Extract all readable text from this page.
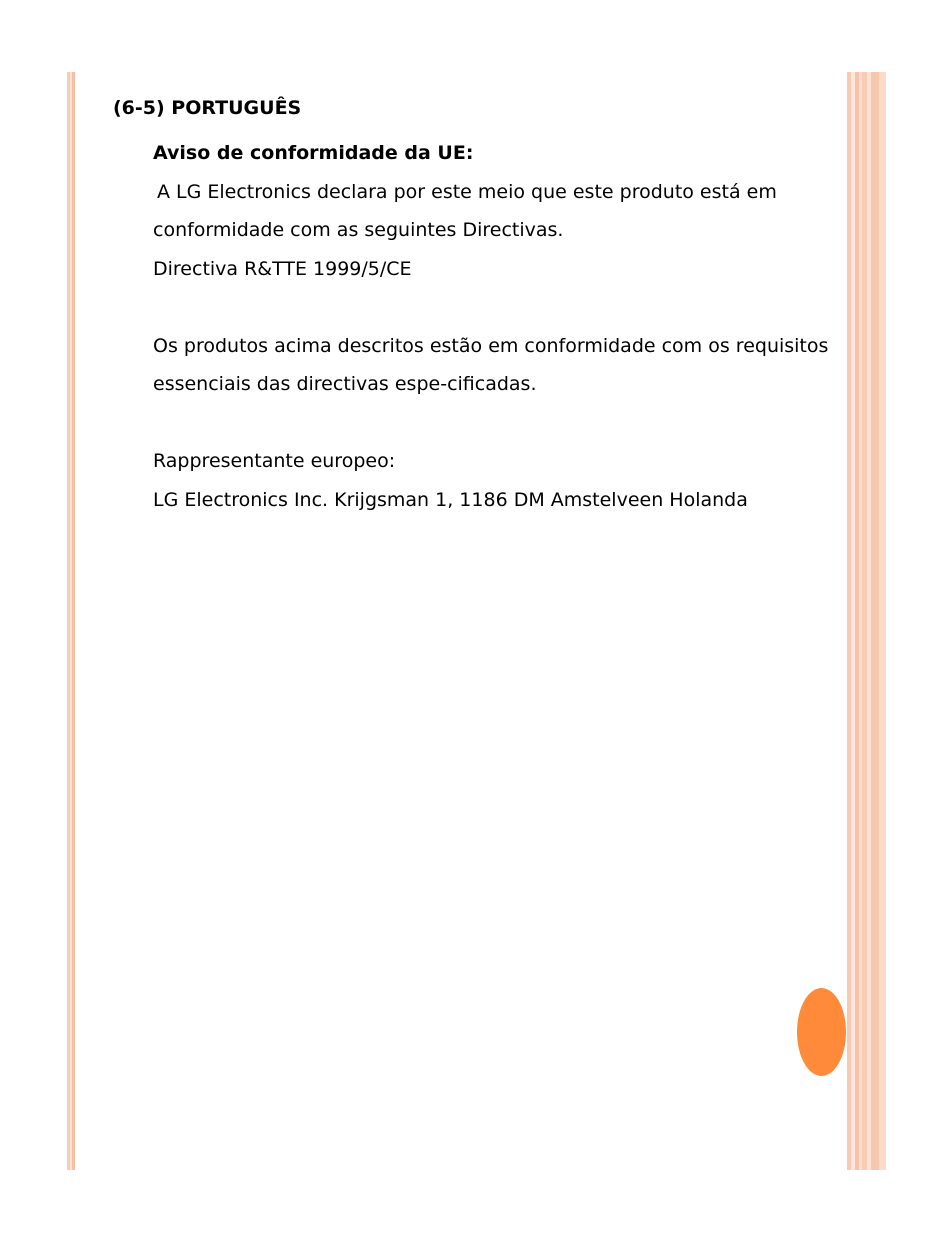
(6-5) PORTUGUÊS
Aviso de conformidade da UE:
A LG Electronics declara por este meio que este produto está em
conformidade com as seguintes Directivas.
Directiva R&TTE 1999/5/CE
Os produtos acima descritos estão em conformidade com os requisitos
essenciais das directivas espe-cificadas.
Rappresentante europeo:
LG Electronics Inc. Krijgsman 1, 1186 DM Amstelveen Holanda
